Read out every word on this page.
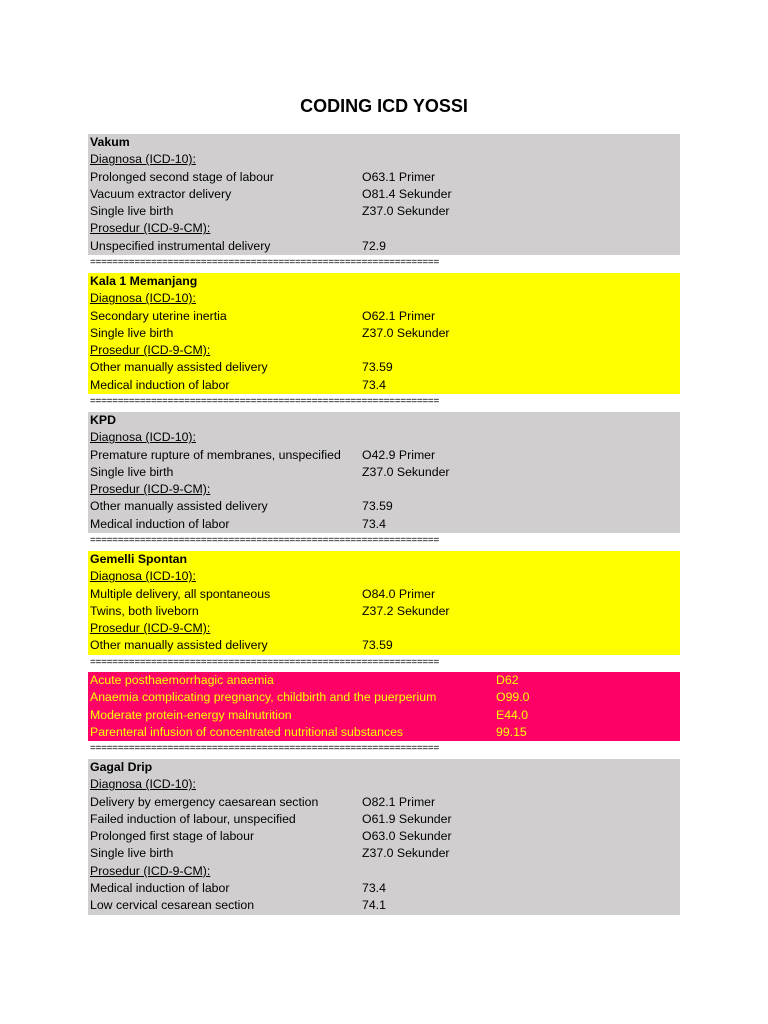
CODING ICD YOSSI
Vakum
Diagnosa (ICD-10):
Prolonged second stage of labour	O63.1 Primer
Vacuum extractor delivery	O81.4 Sekunder
Single live birth	Z37.0 Sekunder
Prosedur (ICD-9-CM):
Unspecified instrumental delivery	72.9
===============================================================
Kala 1 Memanjang
Diagnosa (ICD-10):
Secondary uterine inertia	O62.1 Primer
Single live birth	Z37.0 Sekunder
Prosedur (ICD-9-CM):
Other manually assisted delivery	73.59
Medical induction of labor	73.4
===============================================================
KPD
Diagnosa (ICD-10):
Premature rupture of membranes, unspecified O42.9 Primer
Single live birth	Z37.0 Sekunder
Prosedur (ICD-9-CM):
Other manually assisted delivery	73.59
Medical induction of labor	73.4
===============================================================
Gemelli Spontan
Diagnosa (ICD-10):
Multiple delivery, all spontaneous	O84.0 Primer
Twins, both liveborn	Z37.2 Sekunder
Prosedur (ICD-9-CM):
Other manually assisted delivery	73.59
===============================================================
Acute posthaemorrhagic anaemia	D62
Anaemia complicating pregnancy, childbirth and the puerperium	O99.0
Moderate protein-energy malnutrition	E44.0
Parenteral infusion of concentrated nutritional substances	99.15
===============================================================
Gagal Drip
Diagnosa (ICD-10):
Delivery by emergency caesarean section	O82.1 Primer
Failed induction of labour, unspecified	O61.9 Sekunder
Prolonged first stage of labour	O63.0 Sekunder
Single live birth	Z37.0 Sekunder
Prosedur (ICD-9-CM):
Medical induction of labor	73.4
Low cervical cesarean section	74.1
